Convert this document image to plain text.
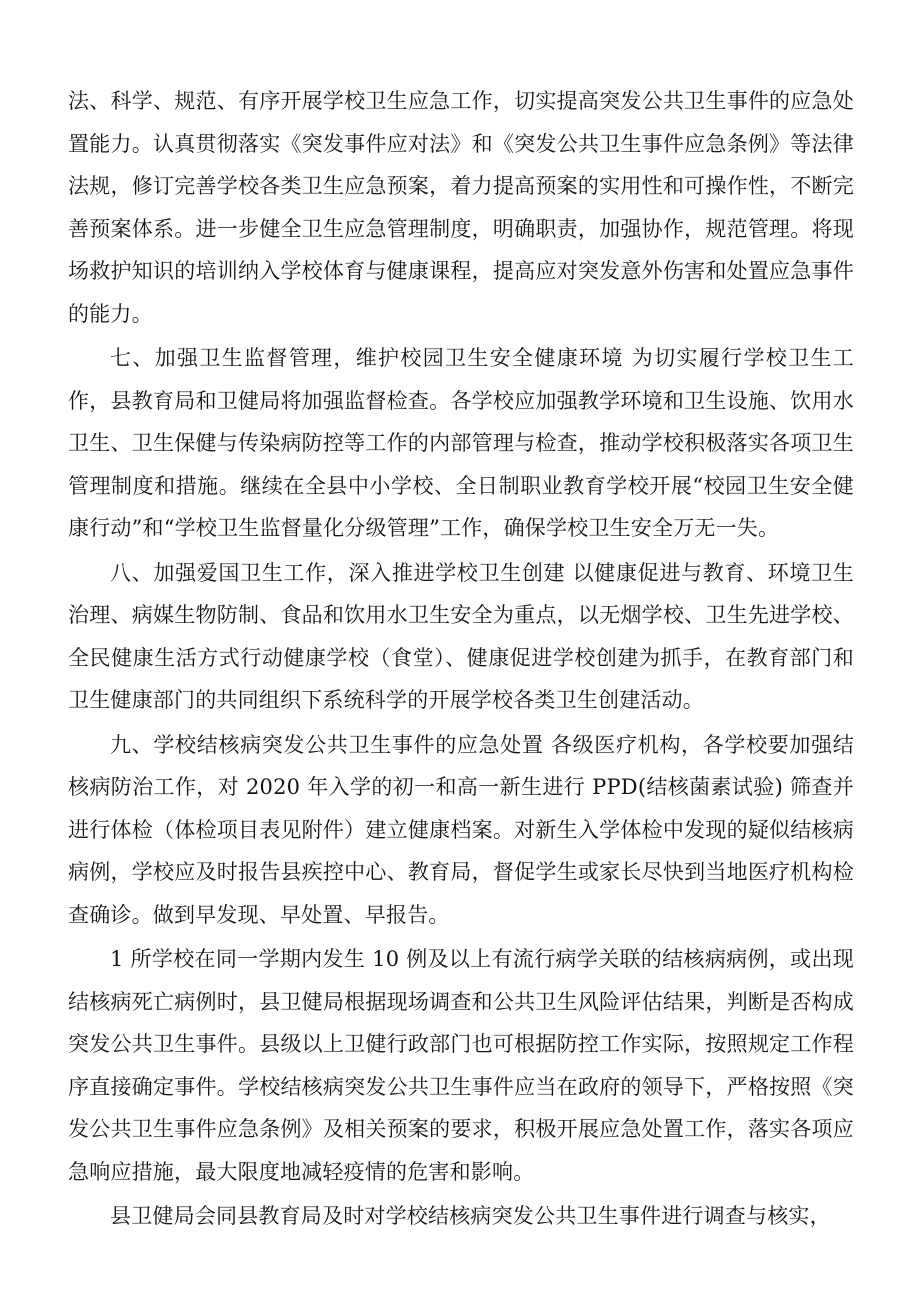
法、科学、规范、有序开展学校卫生应急工作，切实提高突发公共卫生事件的应急处置能力。认真贯彻落实《突发事件应对法》和《突发公共卫生事件应急条例》等法律法规，修订完善学校各类卫生应急预案，着力提高预案的实用性和可操作性，不断完善预案体系。进一步健全卫生应急管理制度，明确职责，加强协作，规范管理。将现场救护知识的培训纳入学校体育与健康课程，提高应对突发意外伤害和处置应急事件的能力。

七、加强卫生监督管理，维护校园卫生安全健康环境 为切实履行学校卫生工作，县教育局和卫健局将加强监督检查。各学校应加强教学环境和卫生设施、饮用水卫生、卫生保健与传染病防控等工作的内部管理与检查，推动学校积极落实各项卫生管理制度和措施。继续在全县中小学校、全日制职业教育学校开展“校园卫生安全健康行动”和“学校卫生监督量化分级管理”工作，确保学校卫生安全万无一失。

八、加强爱国卫生工作，深入推进学校卫生创建 以健康促进与教育、环境卫生治理、病媒生物防制、食品和饮用水卫生安全为重点，以无烟学校、卫生先进学校、全民健康生活方式行动健康学校（食堂）、健康促进学校创建为抓手，在教育部门和卫生健康部门的共同组织下系统科学的开展学校各类卫生创建活动。

九、学校结核病突发公共卫生事件的应急处置 各级医疗机构，各学校要加强结核病防治工作，对 2020 年入学的初一和高一新生进行 PPD(结核菌素试验) 筛查并进行体检（体检项目表见附件）建立健康档案。对新生入学体检中发现的疑似结核病病例，学校应及时报告县疾控中心、教育局，督促学生或家长尽快到当地医疗机构检查确诊。做到早发现、早处置、早报告。

1 所学校在同一学期内发生 10 例及以上有流行病学关联的结核病病例，或出现结核病死亡病例时，县卫健局根据现场调查和公共卫生风险评估结果，判断是否构成突发公共卫生事件。县级以上卫健行政部门也可根据防控工作实际，按照规定工作程序直接确定事件。学校结核病突发公共卫生事件应当在政府的领导下，严格按照《突发公共卫生事件应急条例》及相关预案的要求，积极开展应急处置工作，落实各项应急响应措施，最大限度地减轻疫情的危害和影响。

县卫健局会同县教育局及时对学校结核病突发公共卫生事件进行调查与核实，
